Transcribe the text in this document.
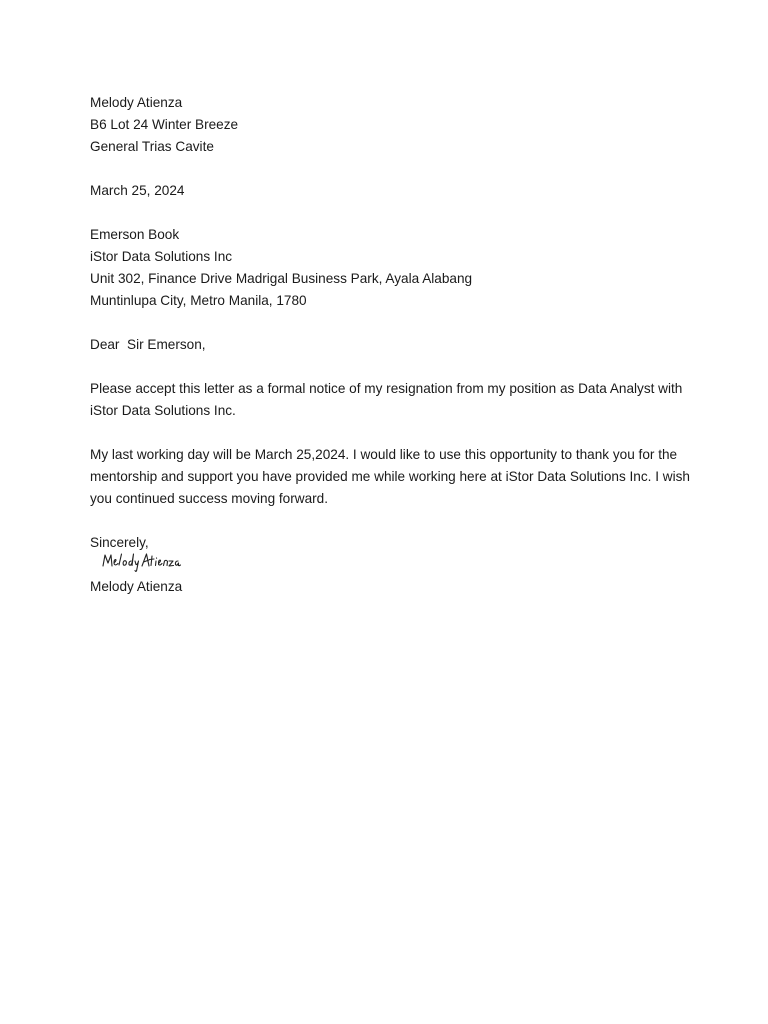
Melody Atienza
B6 Lot 24 Winter Breeze
General Trias Cavite
March 25, 2024
Emerson Book
iStor Data Solutions Inc
Unit 302, Finance Drive Madrigal Business Park, Ayala Alabang
Muntinlupa City, Metro Manila, 1780
Dear  Sir Emerson,

Please accept this letter as a formal notice of my resignation from my position as Data Analyst with iStor Data Solutions Inc.

My last working day will be March 25,2024. I would like to use this opportunity to thank you for the mentorship and support you have provided me while working here at iStor Data Solutions Inc. I wish you continued success moving forward.

Sincerely,
Melody Atienza
